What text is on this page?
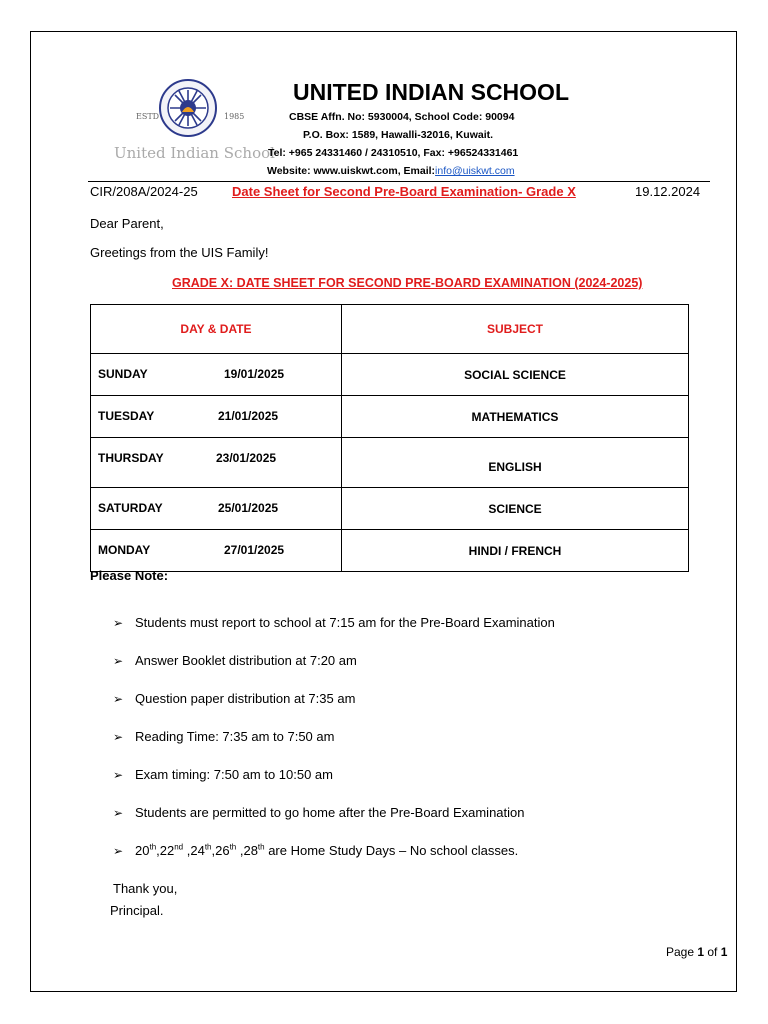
ESTD	1985
United Indian School
UNITED INDIAN SCHOOL
CBSE Affn. No: 5930004, School Code: 90094
P.O. Box: 1589, Hawalli-32016, Kuwait.
Tel: +965 24331460 / 24310510, Fax: +96524331461
Website: www.uiskwt.com, Email:info@uiskwt.com
CIR/208A/2024-25	Date Sheet for Second Pre-Board Examination- Grade X	19.12.2024
Dear Parent,
Greetings from the UIS Family!
GRADE X: DATE SHEET FOR SECOND PRE-BOARD EXAMINATION (2024-2025)
DAY & DATE	SUBJECT

SUNDAY 19/01/2025	SOCIAL SCIENCE

TUESDAY 21/01/2025	MATHEMATICS

THURSDAY 23/01/2025	ENGLISH

SATURDAY 25/01/2025	SCIENCE

MONDAY 27/01/2025	HINDI / FRENCH
Please Note:
➢ Students must report to school at 7:15 am for the Pre-Board Examination
➢ Answer Booklet distribution at 7:20 am
➢ Question paper distribution at 7:35 am
➢ Reading Time: 7:35 am to 7:50 am
➢ Exam timing: 7:50 am to 10:50 am
➢ Students are permitted to go home after the Pre-Board Examination
➢ 20th,22nd ,24th,26th ,28th are Home Study Days – No school classes.
Thank you,
Principal.
Page 1 of 1
